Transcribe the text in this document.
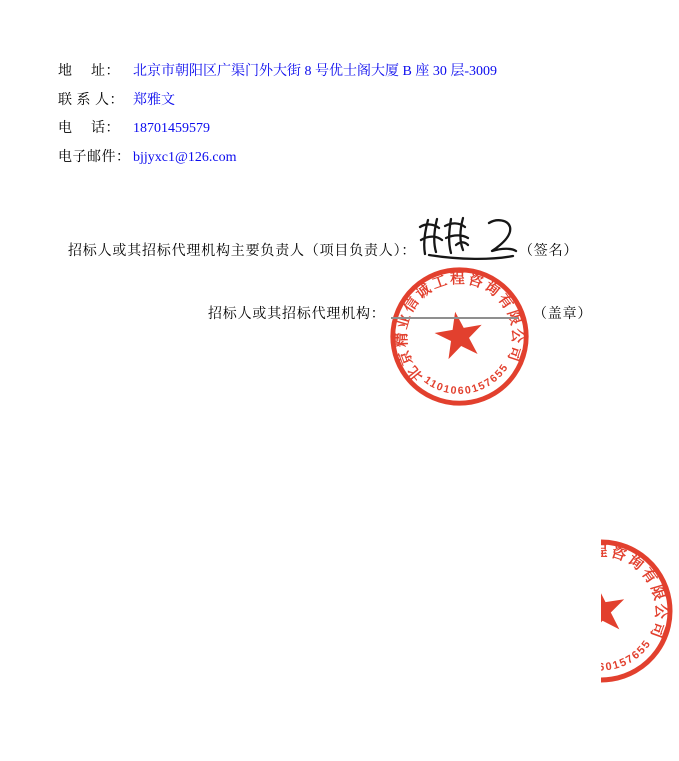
地　 址：

北京市朝阳区广渠门外大街 8 号优士阁大厦 B 座 30 层-3009

联 系 人：

郑雅文

电　 话：

18701459579

电子邮件：

bjjyxc1@126.com

招标人或其招标代理机构主要负责人（项目负责人）：	（签名）
招标人或其招标代理机构：	（盖章）
北京精业信诚工程咨询有限公司
1101060157655
北京精业信诚工程咨询有限公司
1101060157655
